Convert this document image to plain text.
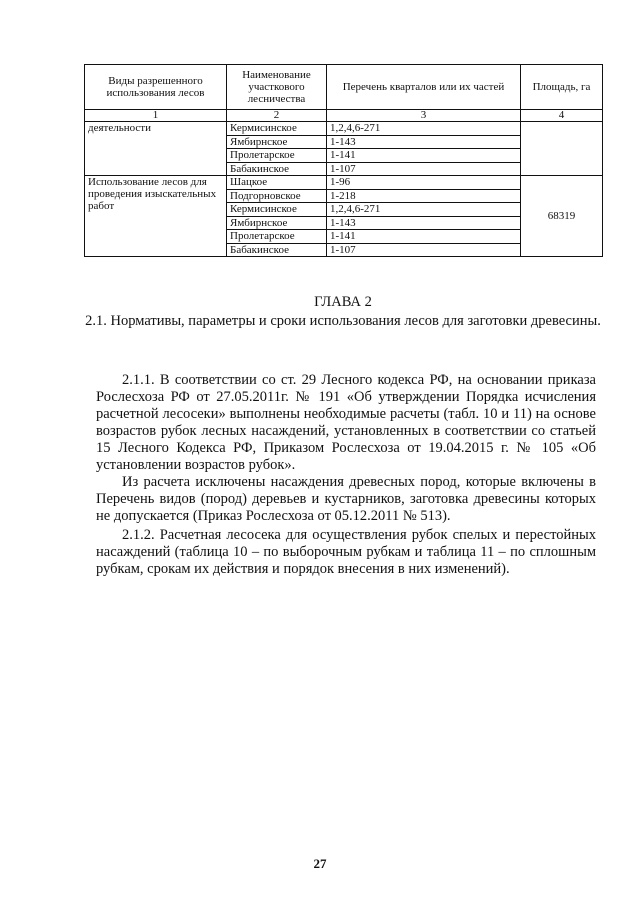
Виды разрешенного использования лесов	Наименование участкового лесничества	Перечень кварталов или их частей	Площадь, га
1	2	3	4
деятельности	Кермисинское	1,2,4,6-271	
	Ямбирнское	1-143	
	Пролетарское	1-141	
	Бабакинское	1-107	
Использование лесов для проведения изыскательных работ	Шацкое	1-96	68319
	Подгорновское	1-218	
	Кермисинское	1,2,4,6-271	
	Ямбирнское	1-143	
	Пролетарское	1-141	
	Бабакинское	1-107	
ГЛАВА 2
2.1. Нормативы, параметры и сроки использования лесов для заготовки древесины.

2.1.1. В соответствии со ст. 29 Лесного кодекса РФ, на основании приказа Рослесхоза РФ от 27.05.2011г. № 191 «Об утверждении Порядка исчисления расчетной лесосеки» выполнены необходимые расчеты (табл. 10 и 11) на основе возрастов рубок лесных насаждений, установленных в соответствии со статьей 15 Лесного Кодекса РФ, Приказом Рослесхоза от 19.04.2015 г. № 105 «Об установлении возрастов рубок».

Из расчета исключены насаждения древесных пород, которые включены в Перечень видов (пород) деревьев и кустарников, заготовка древесины которых не допускается (Приказ Рослесхоза от 05.12.2011 № 513).

2.1.2. Расчетная лесосека для осуществления рубок спелых и перестойных насаждений (таблица 10 – по выборочным рубкам и таблица 11 – по сплошным рубкам, срокам их действия и порядок внесения в них изменений).

27
